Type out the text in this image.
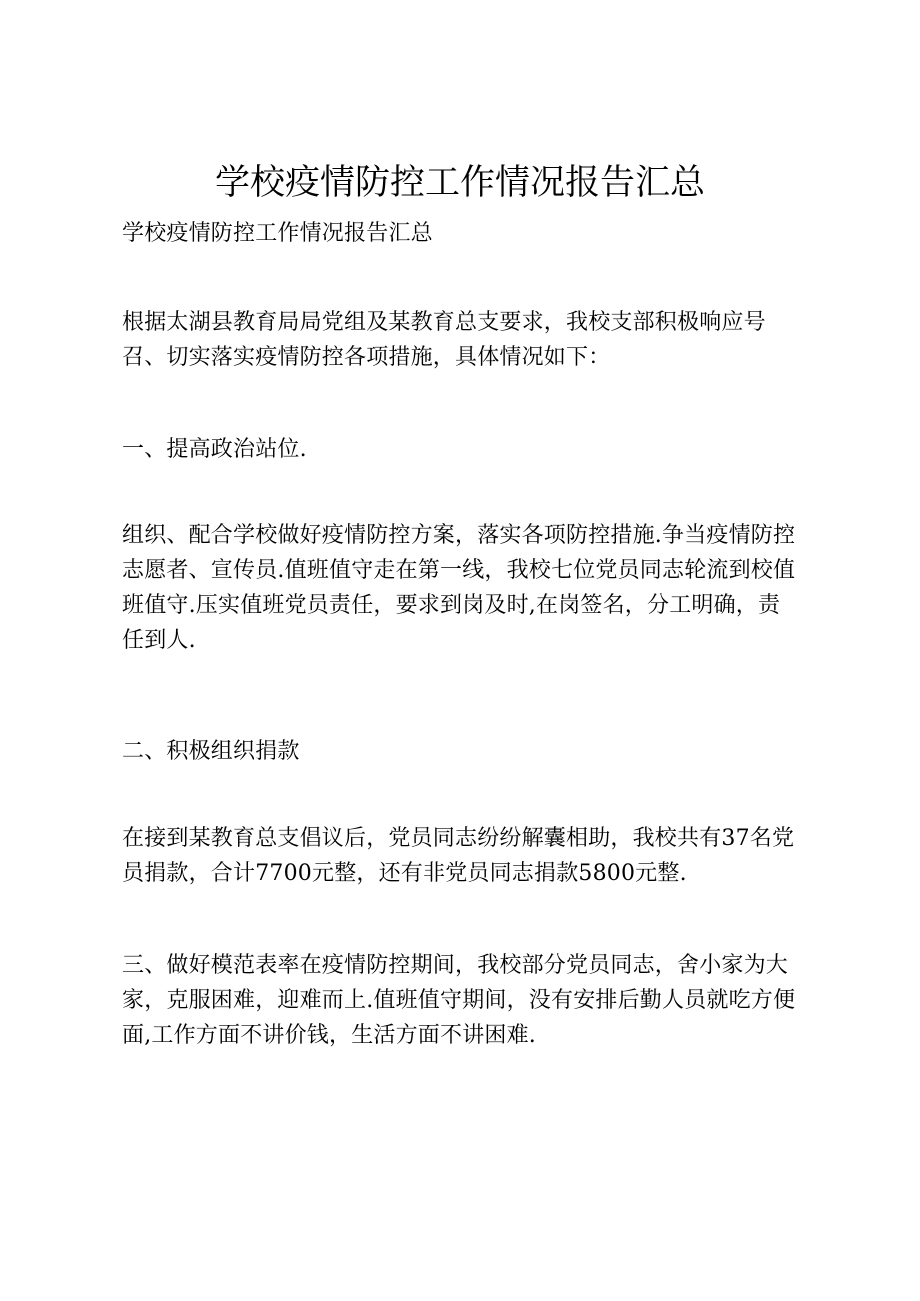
学校疫情防控工作情况报告汇总

学校疫情防控工作情况报告汇总

根据太湖县教育局局党组及某教育总支要求，我校支部积极响应号召、切实落实疫情防控各项措施，具体情况如下：

一、提高政治站位.

组织、配合学校做好疫情防控方案，落实各项防控措施.争当疫情防控志愿者、宣传员.值班值守走在第一线，我校七位党员同志轮流到校值班值守.压实值班党员责任，要求到岗及时,在岗签名，分工明确，责任到人.

二、积极组织捐款

在接到某教育总支倡议后，党员同志纷纷解囊相助，我校共有37名党员捐款，合计7700元整，还有非党员同志捐款5800元整.

三、做好模范表率在疫情防控期间，我校部分党员同志，舍小家为大家，克服困难，迎难而上.值班值守期间，没有安排后勤人员就吃方便面,工作方面不讲价钱，生活方面不讲困难.
